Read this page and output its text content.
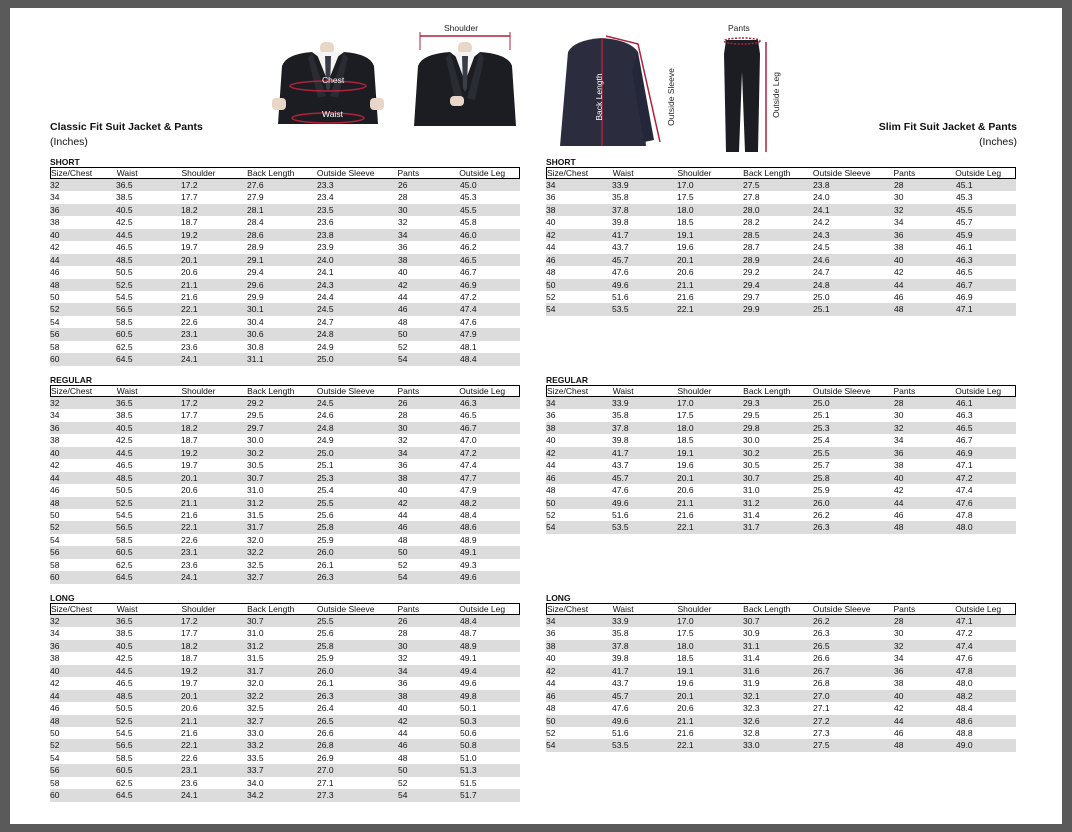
Classic Fit Suit Jacket & Pants
(Inches)
Slim Fit Suit Jacket & Pants
(Inches)
Chest
Waist
Shoulder
Back Length	Outside Sleeve
Pants
Outside Leg
SHORT
Size/Chest	Waist	Shoulder	Back Length	Outside Sleeve	Pants	Outside Leg
32	36.5	17.2	27.6	23.3	26	45.0
34	38.5	17.7	27.9	23.4	28	45.3
36	40.5	18.2	28.1	23.5	30	45.5
38	42.5	18.7	28.4	23.6	32	45.8
40	44.5	19.2	28.6	23.8	34	46.0
42	46.5	19.7	28.9	23.9	36	46.2
44	48.5	20.1	29.1	24.0	38	46.5
46	50.5	20.6	29.4	24.1	40	46.7
48	52.5	21.1	29.6	24.3	42	46.9
50	54.5	21.6	29.9	24.4	44	47.2
52	56.5	22.1	30.1	24.5	46	47.4
54	58.5	22.6	30.4	24.7	48	47.6
56	60.5	23.1	30.6	24.8	50	47.9
58	62.5	23.6	30.8	24.9	52	48.1
60	64.5	24.1	31.1	25.0	54	48.4
REGULAR
Size/Chest	Waist	Shoulder	Back Length	Outside Sleeve	Pants	Outside Leg
32	36.5	17.2	29.2	24.5	26	46.3
34	38.5	17.7	29.5	24.6	28	46.5
36	40.5	18.2	29.7	24.8	30	46.7
38	42.5	18.7	30.0	24.9	32	47.0
40	44.5	19.2	30.2	25.0	34	47.2
42	46.5	19.7	30.5	25.1	36	47.4
44	48.5	20.1	30.7	25.3	38	47.7
46	50.5	20.6	31.0	25.4	40	47.9
48	52.5	21.1	31.2	25.5	42	48.2
50	54.5	21.6	31.5	25.6	44	48.4
52	56.5	22.1	31.7	25.8	46	48.6
54	58.5	22.6	32.0	25.9	48	48.9
56	60.5	23.1	32.2	26.0	50	49.1
58	62.5	23.6	32.5	26.1	52	49.3
60	64.5	24.1	32.7	26.3	54	49.6
LONG
Size/Chest	Waist	Shoulder	Back Length	Outside Sleeve	Pants	Outside Leg
32	36.5	17.2	30.7	25.5	26	48.4
34	38.5	17.7	31.0	25.6	28	48.7
36	40.5	18.2	31.2	25.8	30	48.9
38	42.5	18.7	31.5	25.9	32	49.1
40	44.5	19.2	31.7	26.0	34	49.4
42	46.5	19.7	32.0	26.1	36	49.6
44	48.5	20.1	32.2	26.3	38	49.8
46	50.5	20.6	32.5	26.4	40	50.1
48	52.5	21.1	32.7	26.5	42	50.3
50	54.5	21.6	33.0	26.6	44	50.6
52	56.5	22.1	33.2	26.8	46	50.8
54	58.5	22.6	33.5	26.9	48	51.0
56	60.5	23.1	33.7	27.0	50	51.3
58	62.5	23.6	34.0	27.1	52	51.5
60	64.5	24.1	34.2	27.3	54	51.7
SHORT
Size/Chest	Waist	Shoulder	Back Length	Outside Sleeve	Pants	Outside Leg
34	33.9	17.0	27.5	23.8	28	45.1
36	35.8	17.5	27.8	24.0	30	45.3
38	37.8	18.0	28.0	24.1	32	45.5
40	39.8	18.5	28.2	24.2	34	45.7
42	41.7	19.1	28.5	24.3	36	45.9
44	43.7	19.6	28.7	24.5	38	46.1
46	45.7	20.1	28.9	24.6	40	46.3
48	47.6	20.6	29.2	24.7	42	46.5
50	49.6	21.1	29.4	24.8	44	46.7
52	51.6	21.6	29.7	25.0	46	46.9
54	53.5	22.1	29.9	25.1	48	47.1
REGULAR
Size/Chest	Waist	Shoulder	Back Length	Outside Sleeve	Pants	Outside Leg
34	33.9	17.0	29.3	25.0	28	46.1
36	35.8	17.5	29.5	25.1	30	46.3
38	37.8	18.0	29.8	25.3	32	46.5
40	39.8	18.5	30.0	25.4	34	46.7
42	41.7	19.1	30.2	25.5	36	46.9
44	43.7	19.6	30.5	25.7	38	47.1
46	45.7	20.1	30.7	25.8	40	47.2
48	47.6	20.6	31.0	25.9	42	47.4
50	49.6	21.1	31.2	26.0	44	47.6
52	51.6	21.6	31.4	26.2	46	47.8
54	53.5	22.1	31.7	26.3	48	48.0
LONG
Size/Chest	Waist	Shoulder	Back Length	Outside Sleeve	Pants	Outside Leg
34	33.9	17.0	30.7	26.2	28	47.1
36	35.8	17.5	30.9	26.3	30	47.2
38	37.8	18.0	31.1	26.5	32	47.4
40	39.8	18.5	31.4	26.6	34	47.6
42	41.7	19.1	31.6	26.7	36	47.8
44	43.7	19.6	31.9	26.8	38	48.0
46	45.7	20.1	32.1	27.0	40	48.2
48	47.6	20.6	32.3	27.1	42	48.4
50	49.6	21.1	32.6	27.2	44	48.6
52	51.6	21.6	32.8	27.3	46	48.8
54	53.5	22.1	33.0	27.5	48	49.0
